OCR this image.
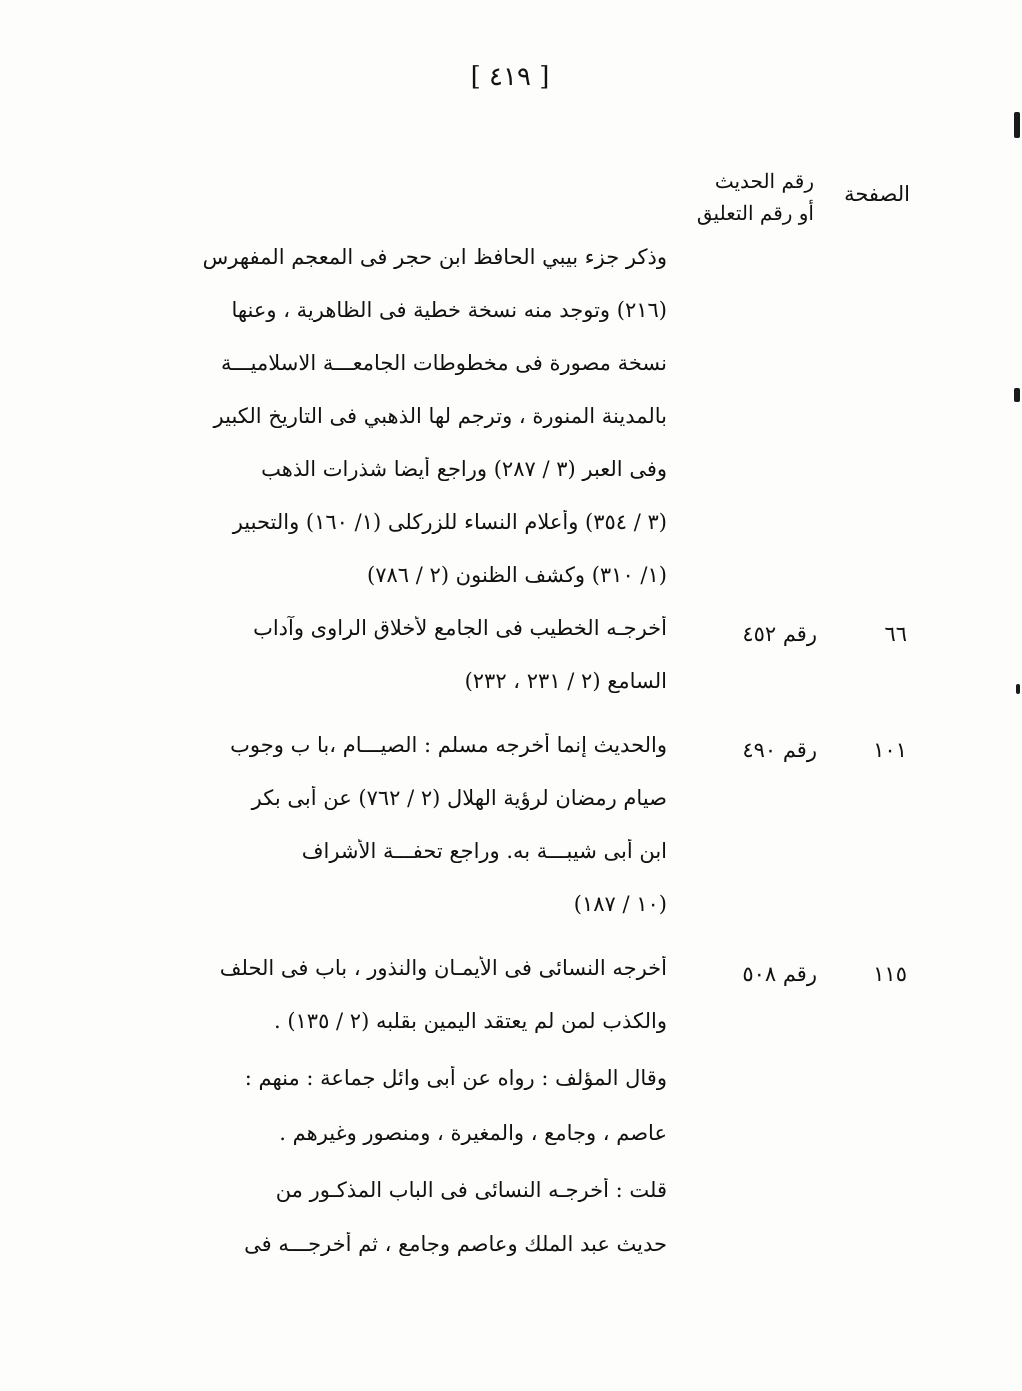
[ ٤١٩ ]
الصفحة
رقم الحديث
أو رقم التعليق
وذكر جزء بيبي الحافظ ابن حجر فى المعجم المفهرس
(٢١٦) وتوجد منه نسخة خطية فى الظاهرية ، وعنها
نسخة مصورة فى مخطوطات الجامعـــة الاسلاميـــة
بالمدينة المنورة ، وترجم لها الذهبي فى التاريخ الكبير
وفى العبر (٣ / ٢٨٧) وراجع أيضا شذرات الذهب
(٣ / ٣٥٤) وأعلام النساء للزركلى (١/ ١٦٠) والتحبير
(١/ ٣١٠) وكشف الظنون (٢ / ٧٨٦)
٦٦
رقم ٤٥٢
أخرجـه الخطيب فى الجامع لأخلاق الراوى وآداب
السامع (٢ / ٢٣١ ، ٢٣٢)
١٠١
رقم ٤٩٠
والحديث إنما أخرجه مسلم : الصيـــام ،با ب وجوب
صيام رمضان لرؤية الهلال (٢ / ٧٦٢) عن أبى بكر
ابن أبى شيبـــة به. وراجع تحفـــة الأشراف
(١٠ / ١٨٧)
١١٥
رقم ٥٠٨
أخرجه النسائى فى الأيمـان والنذور ، باب فى الحلف
والكذب لمن لم يعتقد اليمين بقلبه (٢ / ١٣٥) .
وقال المؤلف : رواه عن أبى وائل جماعة : منهم :
عاصم ، وجامع ، والمغيرة ، ومنصور وغيرهم .
قلت : أخرجـه النسائى فى الباب المذكـور من
حديث عبد الملك وعاصم وجامع ، ثم أخرجـــه فى
